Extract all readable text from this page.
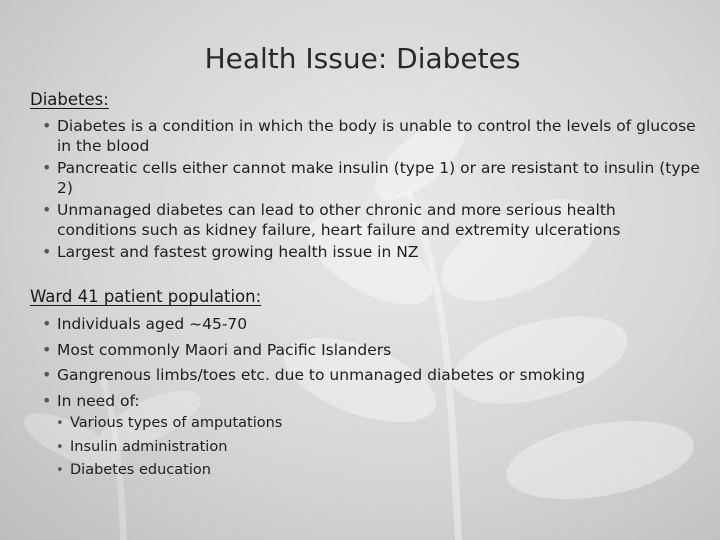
Health Issue: Diabetes
Diabetes:
• Diabetes is a condition in which the body is unable to control the levels of glucose in the blood
• Pancreatic cells either cannot make insulin (type 1) or are resistant to insulin (type 2)
• Unmanaged diabetes can lead to other chronic and more serious health conditions such as kidney failure, heart failure and extremity ulcerations
• Largest and fastest growing health issue in NZ
Ward 41 patient population:
• Individuals aged ~45-70
• Most commonly Maori and Pacific Islanders
• Gangrenous limbs/toes etc. due to unmanaged diabetes or smoking
• In need of:
• Various types of amputations
• Insulin administration
• Diabetes education
